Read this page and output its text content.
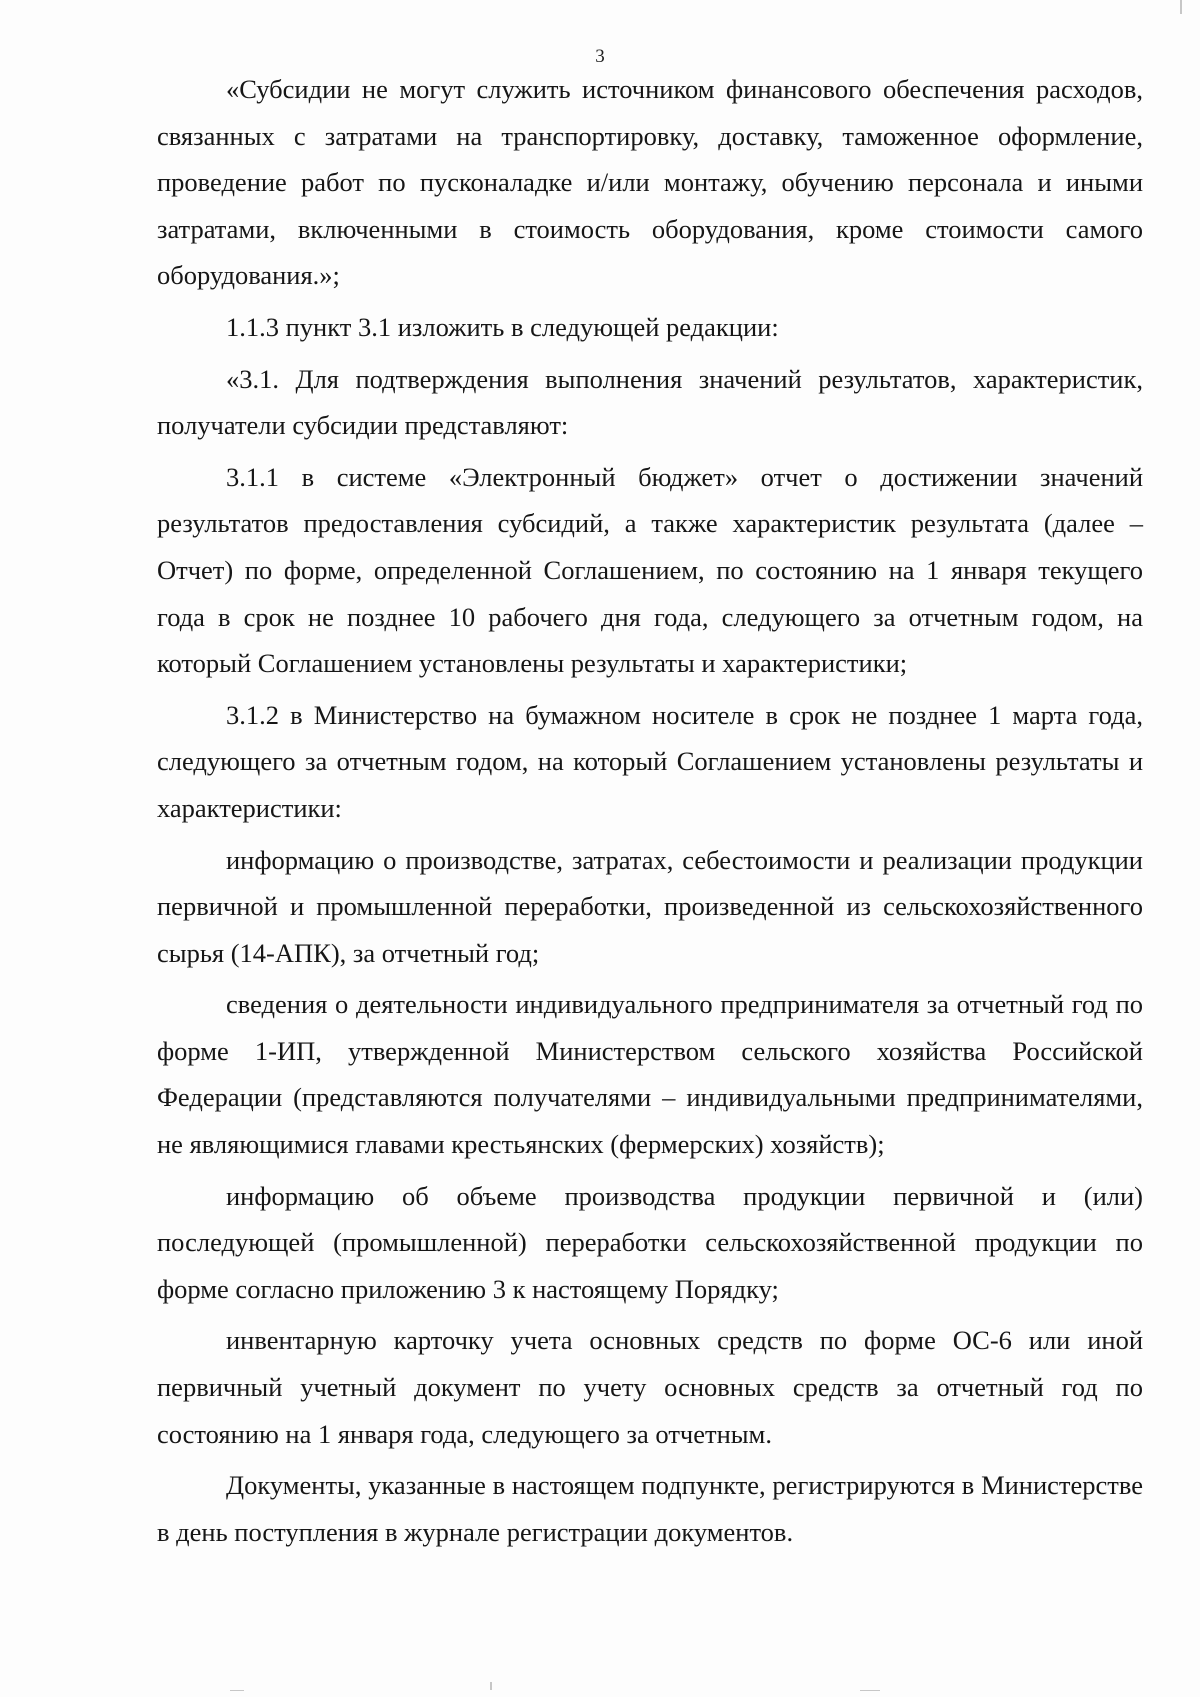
3

«Субсидии не могут служить источником финансового обеспечения расходов, связанных с затратами на транспортировку, доставку, таможенное оформление, проведение работ по пусконаладке и/или монтажу, обучению персонала и иными затратами, включенными в стоимость оборудования, кроме стоимости самого оборудования.»;

1.1.3 пункт 3.1 изложить в следующей редакции:

«3.1. Для подтверждения выполнения значений результатов, характеристик, получатели субсидии представляют:

3.1.1 в системе «Электронный бюджет» отчет о достижении значений результатов предоставления субсидий, а также характеристик результата (далее – Отчет) по форме, определенной Соглашением, по состоянию на 1 января текущего года в срок не позднее 10 рабочего дня года, следующего за отчетным годом, на который Соглашением установлены результаты и характеристики;

3.1.2 в Министерство на бумажном носителе в срок не позднее 1 марта года, следующего за отчетным годом, на который Соглашением установлены результаты и характеристики:

информацию о производстве, затратах, себестоимости и реализации продукции первичной и промышленной переработки, произведенной из сельскохозяйственного сырья (14-АПК), за отчетный год;

сведения о деятельности индивидуального предпринимателя за отчетный год по форме 1-ИП, утвержденной Министерством сельского хозяйства Российской Федерации (представляются получателями – индивидуальными предпринимателями, не являющимися главами крестьянских (фермерских) хозяйств);

информацию об объеме производства продукции первичной и (или) последующей (промышленной) переработки сельскохозяйственной продукции по форме согласно приложению 3 к настоящему Порядку;

инвентарную карточку учета основных средств по форме ОС-6 или иной первичный учетный документ по учету основных средств за отчетный год по состоянию на 1 января года, следующего за отчетным.

Документы, указанные в настоящем подпункте, регистрируются в Министерстве в день поступления в журнале регистрации документов.
